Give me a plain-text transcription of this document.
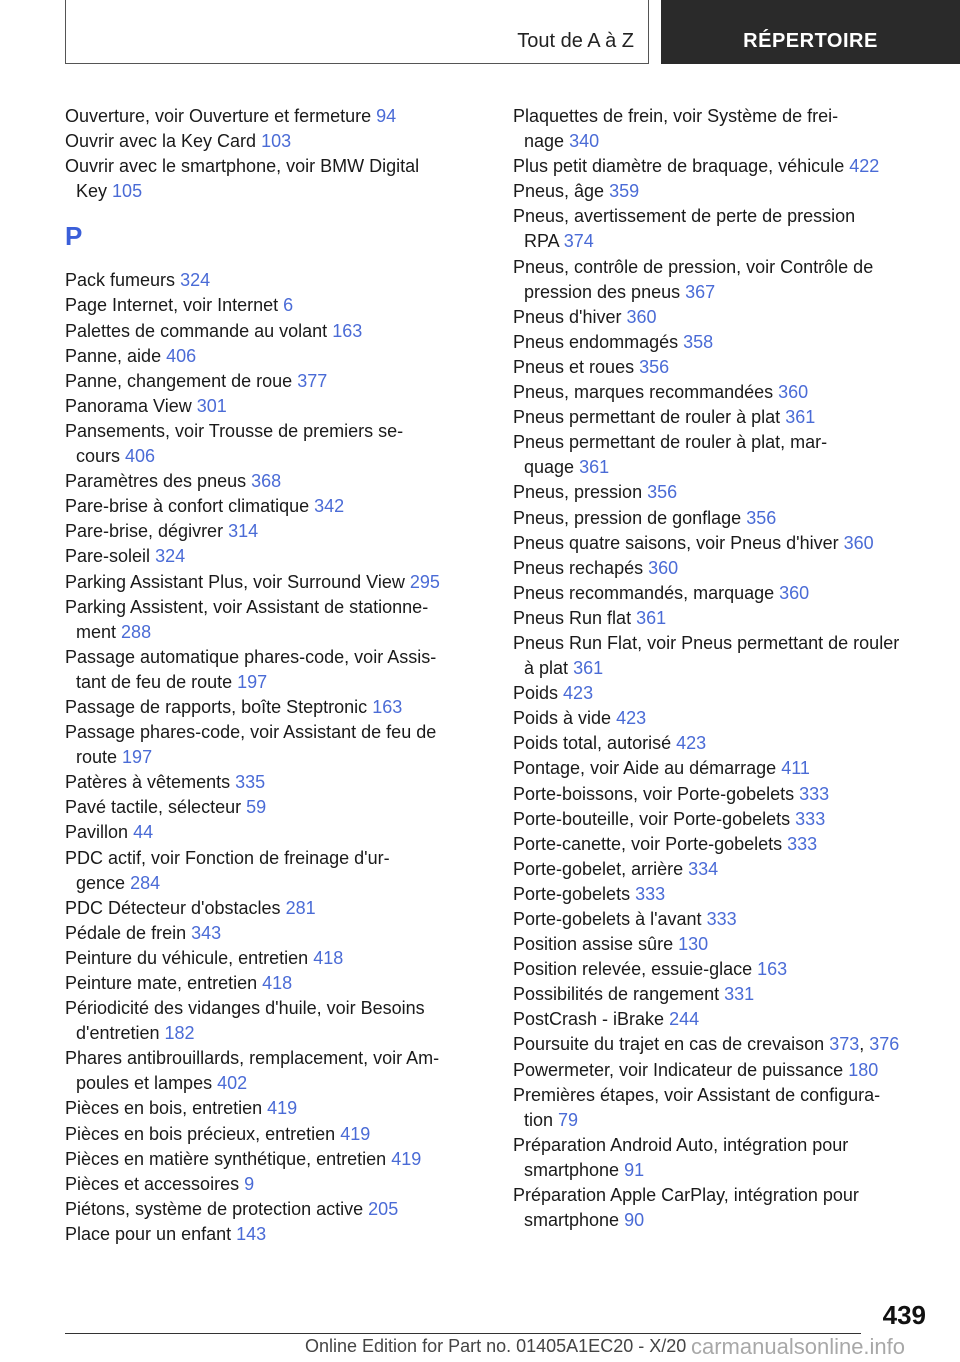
Tout de A à Z	RÉPERTOIRE
Ouverture, voir Ouverture et fermeture 94
Ouvrir avec la Key Card 103
Ouvrir avec le smartphone, voir BMW Digital
Key 105
P
Pack fumeurs 324
Page Internet, voir Internet 6
Palettes de commande au volant 163
Panne, aide 406
Panne, changement de roue 377
Panorama View 301
Pansements, voir Trousse de premiers se-
cours 406
Paramètres des pneus 368
Pare-brise à confort climatique 342
Pare-brise, dégivrer 314
Pare-soleil 324
Parking Assistant Plus, voir Surround View 295
Parking Assistent, voir Assistant de stationne-
ment 288
Passage automatique phares-code, voir Assis-
tant de feu de route 197
Passage de rapports, boîte Steptronic 163
Passage phares-code, voir Assistant de feu de
route 197
Patères à vêtements 335
Pavé tactile, sélecteur 59
Pavillon 44
PDC actif, voir Fonction de freinage d'ur-
gence 284
PDC Détecteur d'obstacles 281
Pédale de frein 343
Peinture du véhicule, entretien 418
Peinture mate, entretien 418
Périodicité des vidanges d'huile, voir Besoins
d'entretien 182
Phares antibrouillards, remplacement, voir Am-
poules et lampes 402
Pièces en bois, entretien 419
Pièces en bois précieux, entretien 419
Pièces en matière synthétique, entretien 419
Pièces et accessoires 9
Piétons, système de protection active 205
Place pour un enfant 143
Plaquettes de frein, voir Système de frei-
nage 340
Plus petit diamètre de braquage, véhicule 422
Pneus, âge 359
Pneus, avertissement de perte de pression
RPA 374
Pneus, contrôle de pression, voir Contrôle de
pression des pneus 367
Pneus d'hiver 360
Pneus endommagés 358
Pneus et roues 356
Pneus, marques recommandées 360
Pneus permettant de rouler à plat 361
Pneus permettant de rouler à plat, mar-
quage 361
Pneus, pression 356
Pneus, pression de gonflage 356
Pneus quatre saisons, voir Pneus d'hiver 360
Pneus rechapés 360
Pneus recommandés, marquage 360
Pneus Run flat 361
Pneus Run Flat, voir Pneus permettant de rouler
à plat 361
Poids 423
Poids à vide 423
Poids total, autorisé 423
Pontage, voir Aide au démarrage 411
Porte-boissons, voir Porte-gobelets 333
Porte-bouteille, voir Porte-gobelets 333
Porte-canette, voir Porte-gobelets 333
Porte-gobelet, arrière 334
Porte-gobelets 333
Porte-gobelets à l'avant 333
Position assise sûre 130
Position relevée, essuie-glace 163
Possibilités de rangement 331
PostCrash - iBrake 244
Poursuite du trajet en cas de crevaison 373, 376
Powermeter, voir Indicateur de puissance 180
Premières étapes, voir Assistant de configura-
tion 79
Préparation Android Auto, intégration pour
smartphone 91
Préparation Apple CarPlay, intégration pour
smartphone 90
439
Online Edition for Part no. 01405A1EC20 - X/20 carmanualsonline.info
